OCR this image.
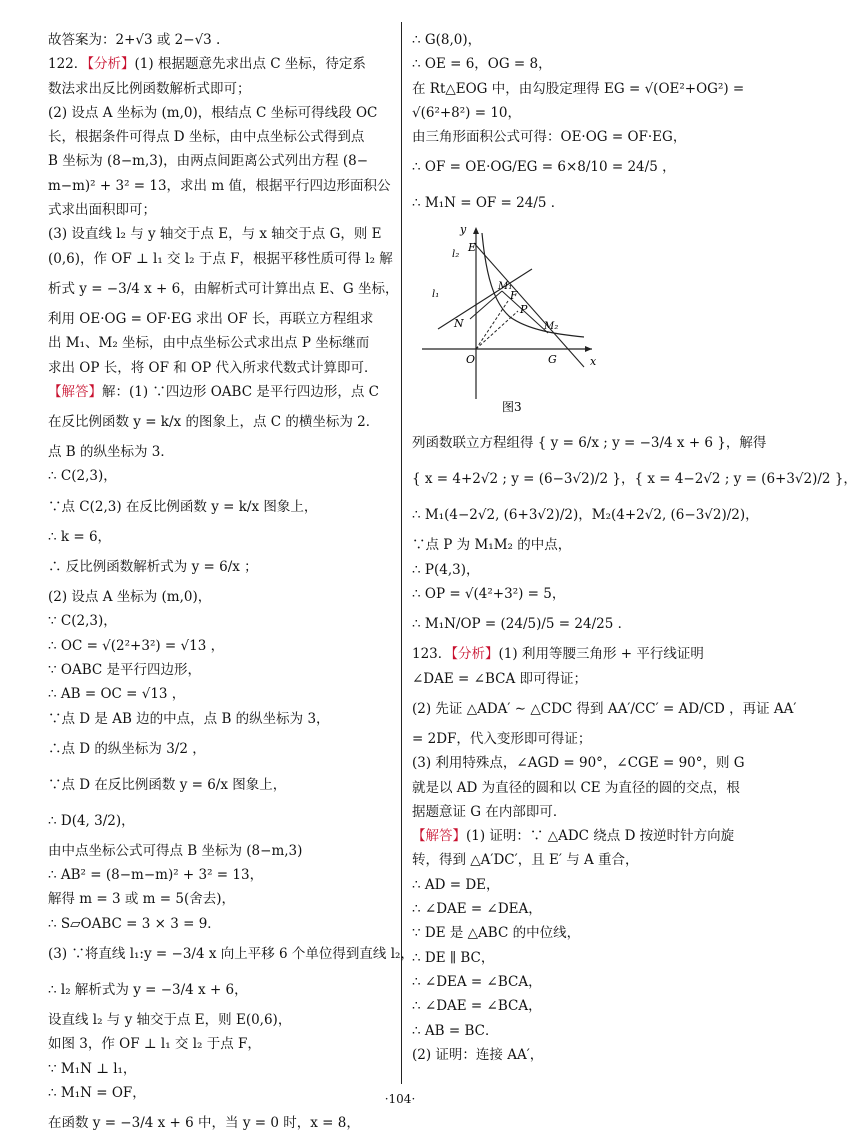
故答案为：2+√3 或 2−√3 .
122．【分析】(1) 根据题意先求出点 C 坐标，待定系
数法求出反比例函数解析式即可；
(2) 设点 A 坐标为 (m,0)，根结点 C 坐标可得线段 OC
长，根据条件可得点 D 坐标，由中点坐标公式得到点
B 坐标为 (8−m,3)，由两点间距离公式列出方程 (8−
m−m)² + 3² = 13，求出 m 值，根据平行四边形面积公
式求出面积即可；
(3) 设直线 l₂ 与 y 轴交于点 E，与 x 轴交于点 G，则 E
(0,6)，作 OF ⊥ l₁ 交 l₂ 于点 F，根据平移性质可得 l₂ 解
析式 y = −3/4 x + 6，由解析式可计算出点 E、G 坐标，
利用 OE·OG = OF·EG 求出 OF 长，再联立方程组求
出 M₁、M₂ 坐标，由中点坐标公式求出点 P 坐标继而
求出 OP 长，将 OF 和 OP 代入所求代数式计算即可．
【解答】解：(1) ∵四边形 OABC 是平行四边形，点 C
在反比例函数 y = k/x 的图象上，点 C 的横坐标为 2．
点 B 的纵坐标为 3．
∴ C(2,3)，
∵点 C(2,3) 在反比例函数 y = k/x 图象上，
∴ k = 6，
∴ 反比例函数解析式为 y = 6/x ；
(2) 设点 A 坐标为 (m,0)，
∵ C(2,3)，
∴ OC = √(2²+3²) = √13 ，
∵ OABC 是平行四边形，
∴ AB = OC = √13 ，
∵点 D 是 AB 边的中点，点 B 的纵坐标为 3，
∴点 D 的纵坐标为 3/2 ，
∵点 D 在反比例函数 y = 6/x 图象上，
∴ D(4, 3/2)，
由中点坐标公式可得点 B 坐标为 (8−m,3)
∴ AB² = (8−m−m)² + 3² = 13，
解得 m = 3 或 m = 5(舍去)，
∴ S▱OABC = 3 × 3 = 9．
(3) ∵将直线 l₁:y = −3/4 x 向上平移 6 个单位得到直线 l₂，
∴ l₂ 解析式为 y = −3/4 x + 6，
设直线 l₂ 与 y 轴交于点 E，则 E(0,6)，
如图 3，作 OF ⊥ l₁ 交 l₂ 于点 F，
∵ M₁N ⊥ l₁，
∴ M₁N = OF，
在函数 y = −3/4 x + 6 中，当 y = 0 时，x = 8，
∴ G(8,0)，
∴ OE = 6，OG = 8，
在 Rt△EOG 中，由勾股定理得 EG = √(OE²+OG²) =
√(6²+8²) = 10，
由三角形面积公式可得：OE·OG = OF·EG，
∴ OF = OE·OG/EG = 6×8/10 = 24/5 ，
∴ M₁N = OF = 24/5 ．
y
x
O
E
M₁
F
P
M₂
G
N
l₁
l₂
图3
列函数联立方程组得 { y = 6/x ; y = −3/4 x + 6 }，解得
{ x = 4+2√2 ; y = (6−3√2)/2 }，{ x = 4−2√2 ; y = (6+3√2)/2 }，
∴ M₁(4−2√2, (6+3√2)/2)，M₂(4+2√2, (6−3√2)/2)，
∵点 P 为 M₁M₂ 的中点，
∴ P(4,3)，
∴ OP = √(4²+3²) = 5，
∴ M₁N/OP = (24/5)/5 = 24/25 ．
123．【分析】(1) 利用等腰三角形 + 平行线证明
∠DAE = ∠BCA 即可得证；
(2) 先证 △ADA′ ∼ △CDC 得到 AA′/CC′ = AD/CD ，再证 AA′
= 2DF，代入变形即可得证；
(3) 利用特殊点，∠AGD = 90°，∠CGE = 90°，则 G
就是以 AD 为直径的圆和以 CE 为直径的圆的交点，根
据题意证 G 在内部即可．
【解答】(1) 证明：∵ △ADC 绕点 D 按逆时针方向旋
转，得到 △A′DC′，且 E′ 与 A 重合，
∴ AD = DE，
∴ ∠DAE = ∠DEA，
∵ DE 是 △ABC 的中位线，
∴ DE ∥ BC，
∴ ∠DEA = ∠BCA，
∴ ∠DAE = ∠BCA，
∴ AB = BC．
(2) 证明：连接 AA′，
·104·
